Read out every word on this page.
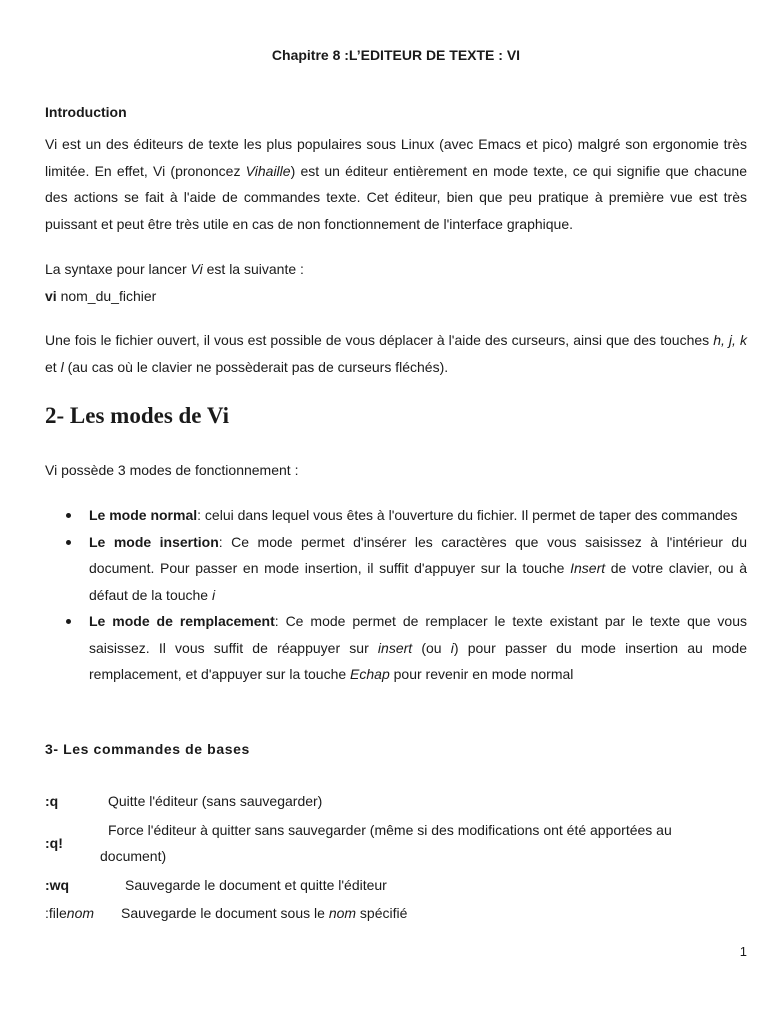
Chapitre 8 :L’EDITEUR DE TEXTE : VI
Introduction

Vi est un des éditeurs de texte les plus populaires sous Linux (avec Emacs et pico) malgré son ergonomie très limitée. En effet, Vi (prononcez Vihaille) est un éditeur entièrement en mode texte, ce qui signifie que chacune des actions se fait à l'aide de commandes texte. Cet éditeur, bien que peu pratique à première vue est très puissant et peut être très utile en cas de non fonctionnement de l'interface graphique.

La syntaxe pour lancer Vi est la suivante :
vi nom_du_fichier

Une fois le fichier ouvert, il vous est possible de vous déplacer à l'aide des curseurs, ainsi que des touches h, j, k et l (au cas où le clavier ne possèderait pas de curseurs fléchés).

2- Les modes de Vi

Vi possède 3 modes de fonctionnement :

Le mode normal: celui dans lequel vous êtes à l'ouverture du fichier. Il permet de taper des commandes
Le mode insertion: Ce mode permet d'insérer les caractères que vous saisissez à l'intérieur du document. Pour passer en mode insertion, il suffit d'appuyer sur la touche Insert de votre clavier, ou à défaut de la touche i
Le mode de remplacement: Ce mode permet de remplacer le texte existant par le texte que vous saisissez. Il vous suffit de réappuyer sur insert (ou i) pour passer du mode insertion au mode remplacement, et d'appuyer sur la touche Echap pour revenir en mode normal
3- Les commandes de bases
:q	Quitte l'éditeur (sans sauvegarder)
:q!
Force l'éditeur à quitter sans sauvegarder (même si des modifications ont été apportées au
document)
:wq	Sauvegarde le document et quitte l'éditeur
:filenom Sauvegarde le document sous le nom spécifié
1
